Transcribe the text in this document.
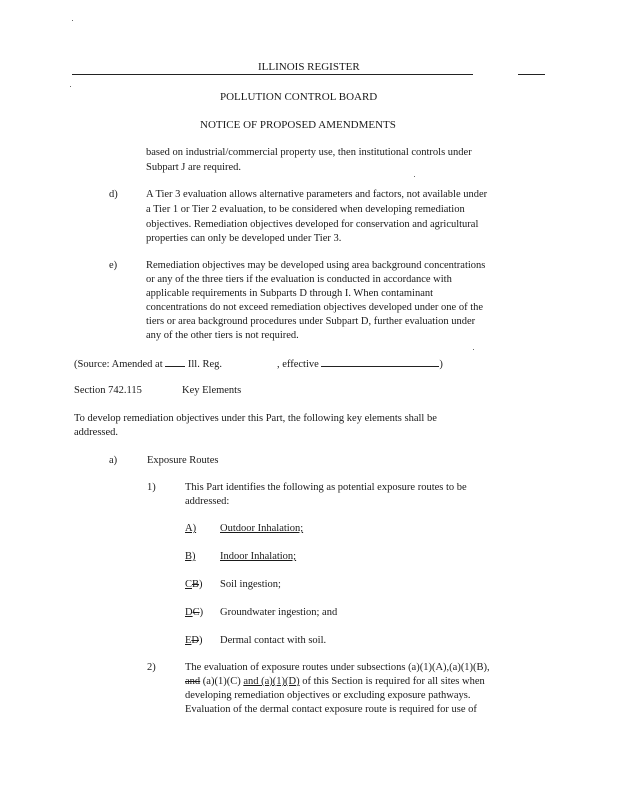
ILLINOIS REGISTER
POLLUTION CONTROL BOARD
NOTICE OF PROPOSED AMENDMENTS
based on industrial/commercial property use, then institutional controls under
Subpart J are required.
d)	A Tier 3 evaluation allows alternative parameters and factors, not available under
a Tier 1 or Tier 2 evaluation, to be considered when developing remediation
objectives. Remediation objectives developed for conservation and agricultural
properties can only be developed under Tier 3.
e)	Remediation objectives may be developed using area background concentrations
or any of the three tiers if the evaluation is conducted in accordance with
applicable requirements in Subparts D through I. When contaminant
concentrations do not exceed remediation objectives developed under one of the
tiers or area background procedures under Subpart D, further evaluation under
any of the other tiers is not required.
(Source: Amended at Ill. Reg.	, effective	)
Section 742.115	Key Elements
To develop remediation objectives under this Part, the following key elements shall be
addressed.
a)	Exposure Routes
1)	This Part identifies the following as potential exposure routes to be
addressed:
A) Outdoor Inhalation;
B) Indoor Inhalation;
CB) Soil ingestion;
DC) Groundwater ingestion; and
ED) Dermal contact with soil.
2)	The evaluation of exposure routes under subsections (a)(1)(A),(a)(1)(B),
and (a)(1)(C) and (a)(1)(D) of this Section is required for all sites when
developing remediation objectives or excluding exposure pathways.
Evaluation of the dermal contact exposure route is required for use of
